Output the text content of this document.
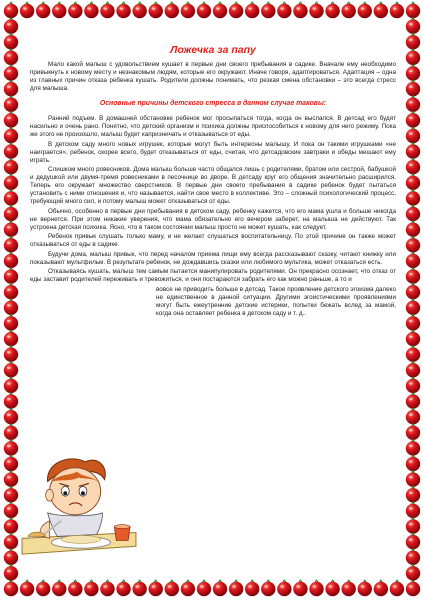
Ложечка за папу

Мало какой малыш с удовольствием кушает в первые дни своего пребывания в садике. Вначале ему необходимо привыкнуть к новому месту и незнакомым людям, которые его окружают. Иначе говоря, адаптироваться. Адаптация – одна из главных причин отказа ребенка кушать. Родители должны понимать, что резкая смена обстановки – это всегда стресс для малыша.

Основные причины детского стресса в данном случае таковы:

Ранний подъем. В домашней обстановке ребенок мог просыпаться тогда, когда он выспался. В детсад его будят насильно и очень рано. Понятно, что детский организм и психика должны приспособиться к новому для него режиму. Пока же этого не произошло, малыш будет капризничать и отказываться от еды.

В детском саду много новых игрушек, которые могут быть интересны малышу. И пока он такими игрушками «не наиграется», ребенок, скорее всего, будет отказываться от еды, считая, что детсадовские завтраки и обеды мешают ему играть.

Слишком много ровесников. Дома малыш больше часто общался лишь с родителями, братом или сестрой, бабушкой и дедушкой или двумя-тремя ровесниками в песочнице во дворе. В детсаду круг его общения значительно расширился. Теперь его окружает множество сверстников. В первые дни своего пребывания в садике ребенок будет пытаться установить с ними отношения и, что называется, найти свое место в коллективе. Это – сложный психологический процесс, требующий много сил, и потому малыш может отказываться от еды.

Обычно, особенно в первые дни пребывания в детском саду, ребенку кажется, что его мама ушла и больше никогда не вернется. При этом никакие уверения, что мама обязательно его вечером заберет, на малыша не действуют. Так устроена детская психика. Ясно, что в таком состоянии малыш просто не может кушать, как следует.

Ребенок привык слушать только маму, и не желает слушаться воспитательницу. По этой причине он также может отказываться от еды в садике.

Будучи дома, малыш привык, что перед началом приема пищи ему всегда рассказывают сказку, читают книжку или показывают мультфильм. В результате ребенок, не дождавшись сказки или любимого мультика, может отказаться есть.

Отказываясь кушать, малыш тем самым пытается манипулировать родителями. Он прекрасно осознает, что отказ от еды заставит родителей переживать и тревожиться, и они постараются забрать его как можно раньше, а то и

вовсе не приводить больше в детсад. Такое проявление детского эгоизма далеко не единственное в данной ситуации. Другими эгоистическими проявлениями могут быть ежеутренние детские истерики, попытки бежать вслед за мамой, когда она оставляет ребенка в детском саду и т. д..
